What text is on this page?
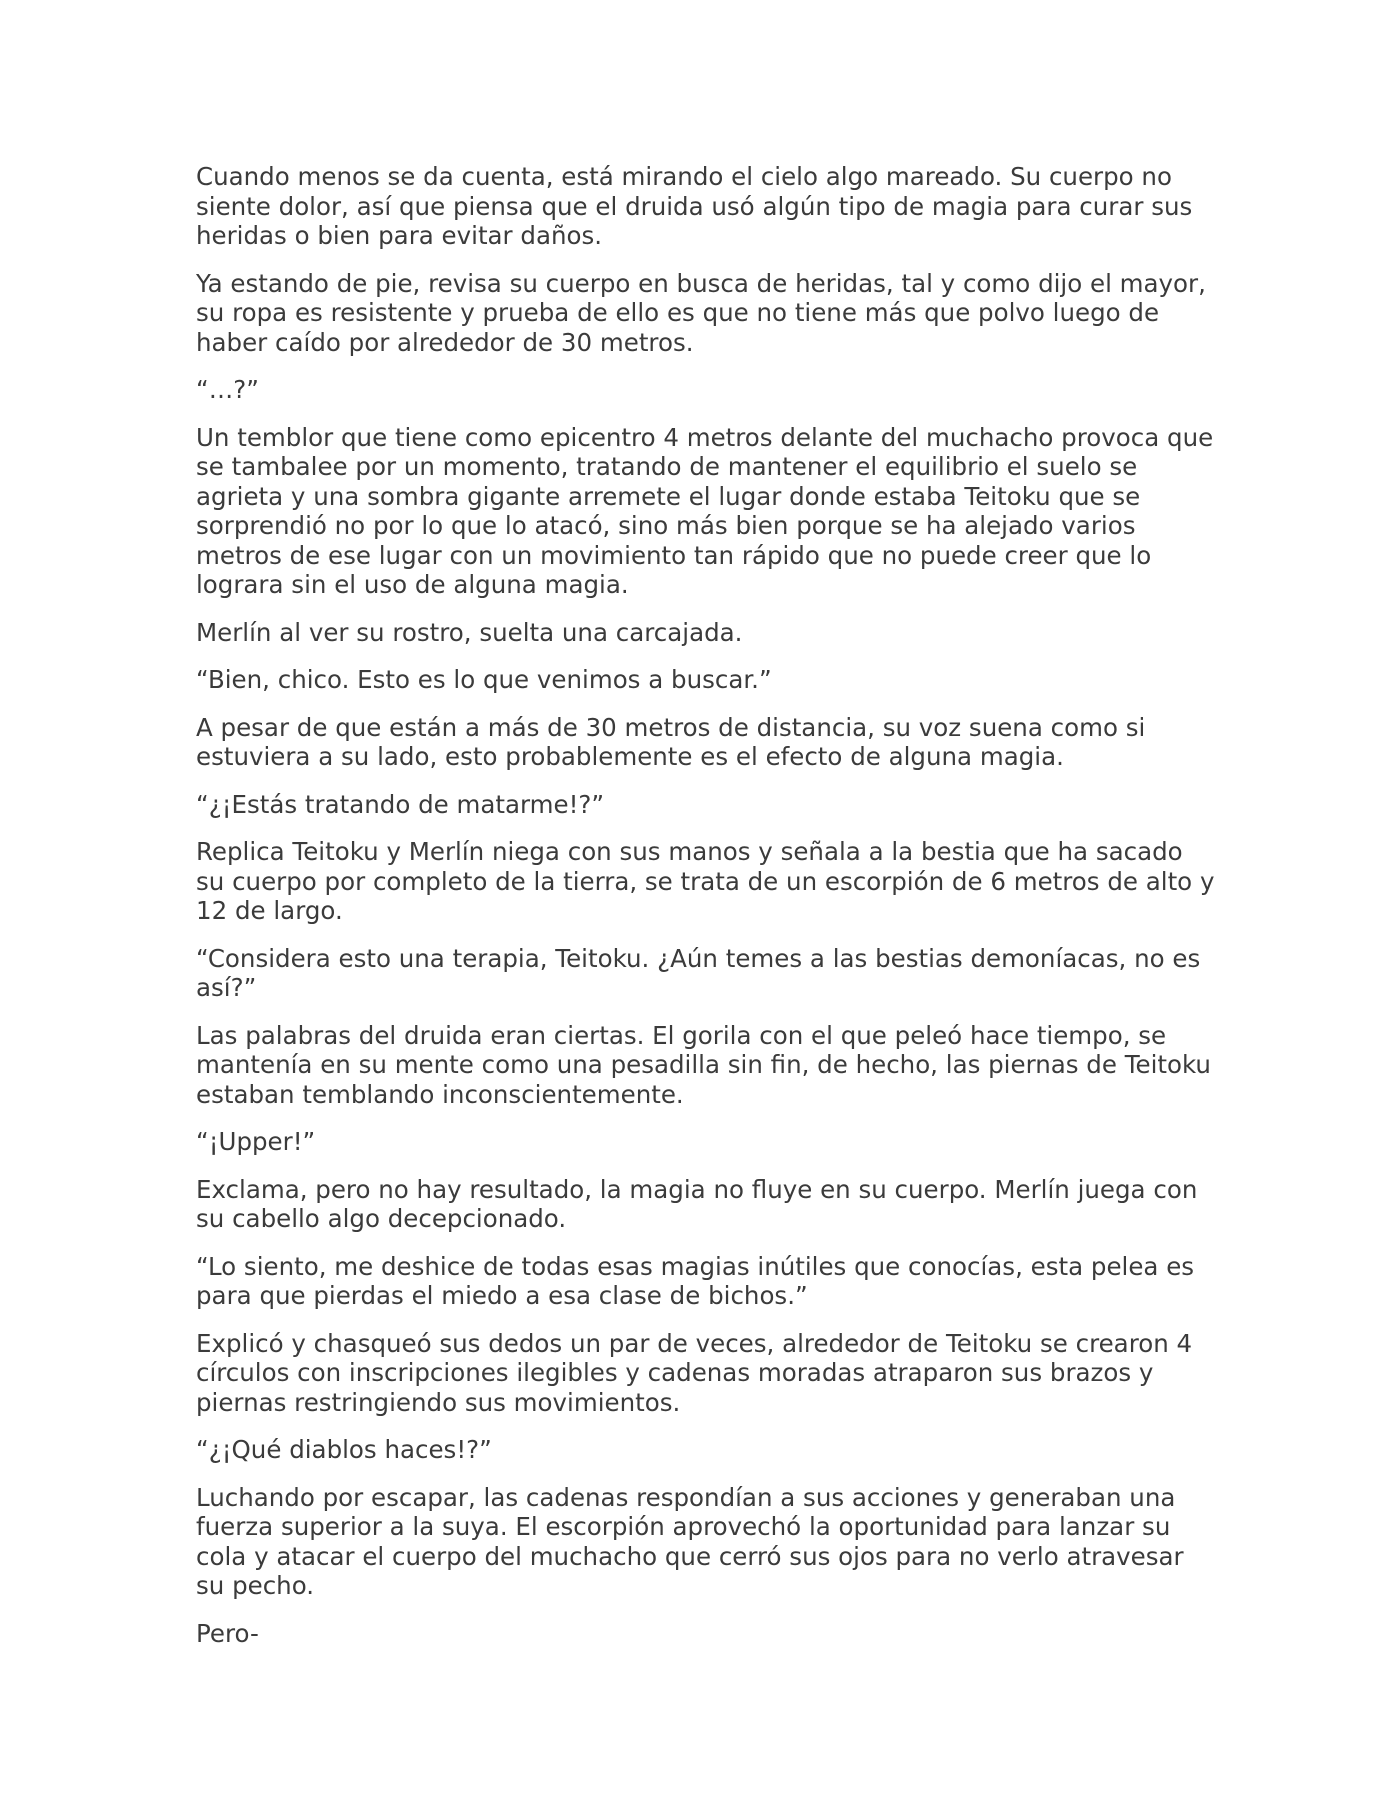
Cuando menos se da cuenta, está mirando el cielo algo mareado. Su cuerpo no siente dolor, así que piensa que el druida usó algún tipo de magia para curar sus heridas o bien para evitar daños.

Ya estando de pie, revisa su cuerpo en busca de heridas, tal y como dijo el mayor, su ropa es resistente y prueba de ello es que no tiene más que polvo luego de haber caído por alrededor de 30 metros.

“…?”

Un temblor que tiene como epicentro 4 metros delante del muchacho provoca que se tambalee por un momento, tratando de mantener el equilibrio el suelo se agrieta y una sombra gigante arremete el lugar donde estaba Teitoku que se sorprendió no por lo que lo atacó, sino más bien porque se ha alejado varios metros de ese lugar con un movimiento tan rápido que no puede creer que lo lograra sin el uso de alguna magia.

Merlín al ver su rostro, suelta una carcajada.

“Bien, chico. Esto es lo que venimos a buscar.”

A pesar de que están a más de 30 metros de distancia, su voz suena como si estuviera a su lado, esto probablemente es el efecto de alguna magia.

“¿¡Estás tratando de matarme!?”

Replica Teitoku y Merlín niega con sus manos y señala a la bestia que ha sacado su cuerpo por completo de la tierra, se trata de un escorpión de 6 metros de alto y 12 de largo.

“Considera esto una terapia, Teitoku. ¿Aún temes a las bestias demoníacas, no es así?”

Las palabras del druida eran ciertas. El gorila con el que peleó hace tiempo, se mantenía en su mente como una pesadilla sin fin, de hecho, las piernas de Teitoku estaban temblando inconscientemente.

“¡Upper!”

Exclama, pero no hay resultado, la magia no fluye en su cuerpo. Merlín juega con su cabello algo decepcionado.

“Lo siento, me deshice de todas esas magias inútiles que conocías, esta pelea es para que pierdas el miedo a esa clase de bichos.”

Explicó y chasqueó sus dedos un par de veces, alrededor de Teitoku se crearon 4 círculos con inscripciones ilegibles y cadenas moradas atraparon sus brazos y piernas restringiendo sus movimientos.

“¿¡Qué diablos haces!?”

Luchando por escapar, las cadenas respondían a sus acciones y generaban una fuerza superior a la suya. El escorpión aprovechó la oportunidad para lanzar su cola y atacar el cuerpo del muchacho que cerró sus ojos para no verlo atravesar su pecho.

Pero-
